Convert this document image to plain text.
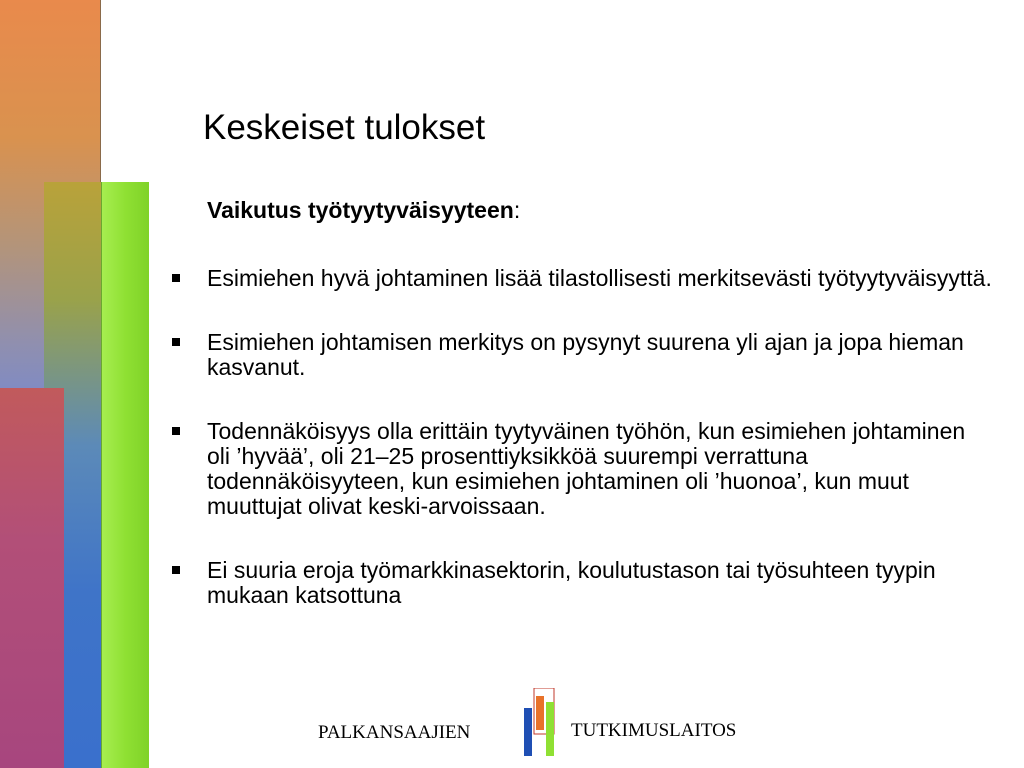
Keskeiset tulokset

Vaikutus työtyytyväisyyteen:

Esimiehen hyvä johtaminen lisää tilastollisesti merkitsevästi työtyytyväisyyttä.
Esimiehen johtamisen merkitys on pysynyt suurena yli ajan ja jopa hieman kasvanut.
Todennäköisyys olla erittäin tyytyväinen työhön, kun esimiehen johtaminen oli ’hyvää’, oli 21–25 prosenttiyksikköä suurempi verrattuna todennäköisyyteen, kun esimiehen johtaminen oli ’huonoa’, kun muut muuttujat olivat keski-arvoissaan.
Ei suuria eroja työmarkkinasektorin, koulutustason tai työsuhteen tyypin mukaan katsottuna
PALKANSAAJIEN	TUTKIMUSLAITOS
